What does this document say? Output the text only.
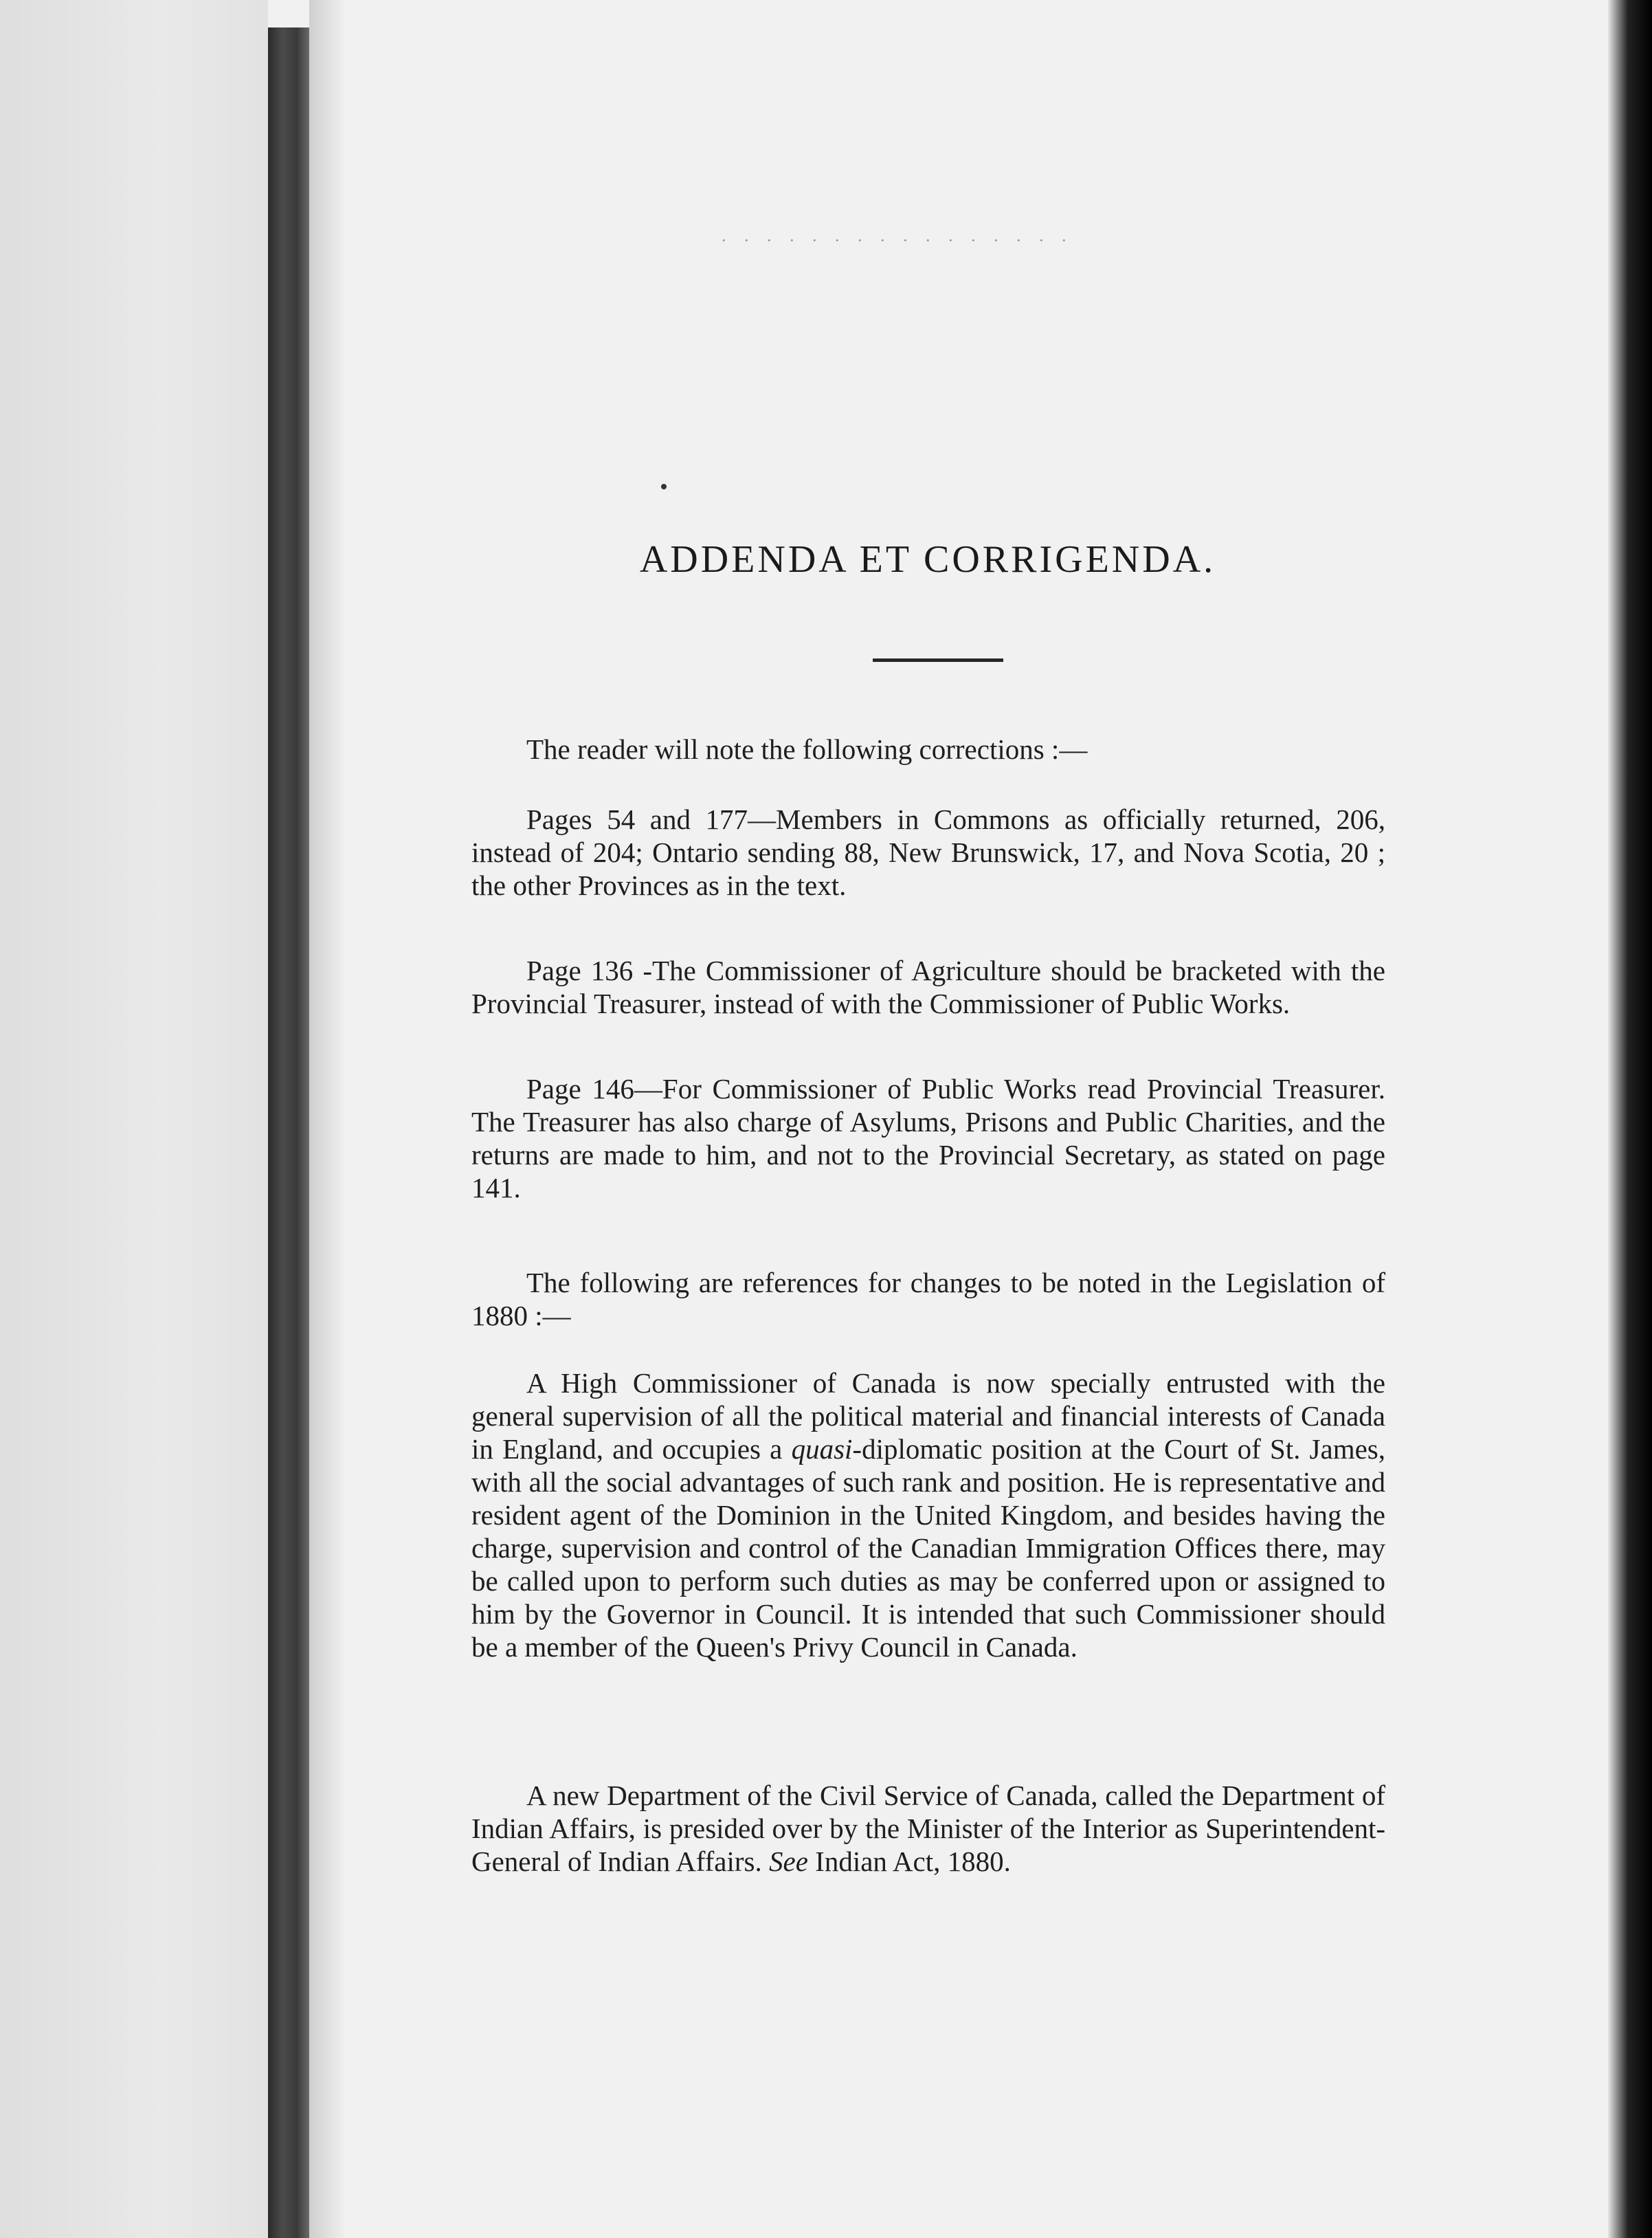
. . . . . . . . . . . . . . . .
ADDENDA ET CORRIGENDA.

The reader will note the following corrections :—

Pages 54 and 177—Members in Commons as officially returned, 206, instead of 204; Ontario sending 88, New Brunswick, 17, and Nova Scotia, 20 ; the other Provinces as in the text.

Page 136 -The Commissioner of Agriculture should be bracketed with the Provincial Treasurer, instead of with the Commissioner of Public Works.

Page 146—For Commissioner of Public Works read Provincial Treasurer. The Treasurer has also charge of Asylums, Prisons and Public Charities, and the returns are made to him, and not to the Provincial Secretary, as stated on page 141.

The following are references for changes to be noted in the Legislation of 1880 :—

A High Commissioner of Canada is now specially entrusted with the general supervision of all the political material and financial interests of Canada in England, and occupies a quasi-diplomatic position at the Court of St. James, with all the social advantages of such rank and position. He is representative and resident agent of the Dominion in the United Kingdom, and besides having the charge, supervision and control of the Canadian Immigration Offices there, may be called upon to perform such duties as may be conferred upon or assigned to him by the Governor in Council. It is intended that such Commissioner should be a member of the Queen's Privy Council in Canada.

A new Department of the Civil Service of Canada, called the Department of Indian Affairs, is presided over by the Minister of the Interior as Superintendent-General of Indian Affairs. See Indian Act, 1880.
